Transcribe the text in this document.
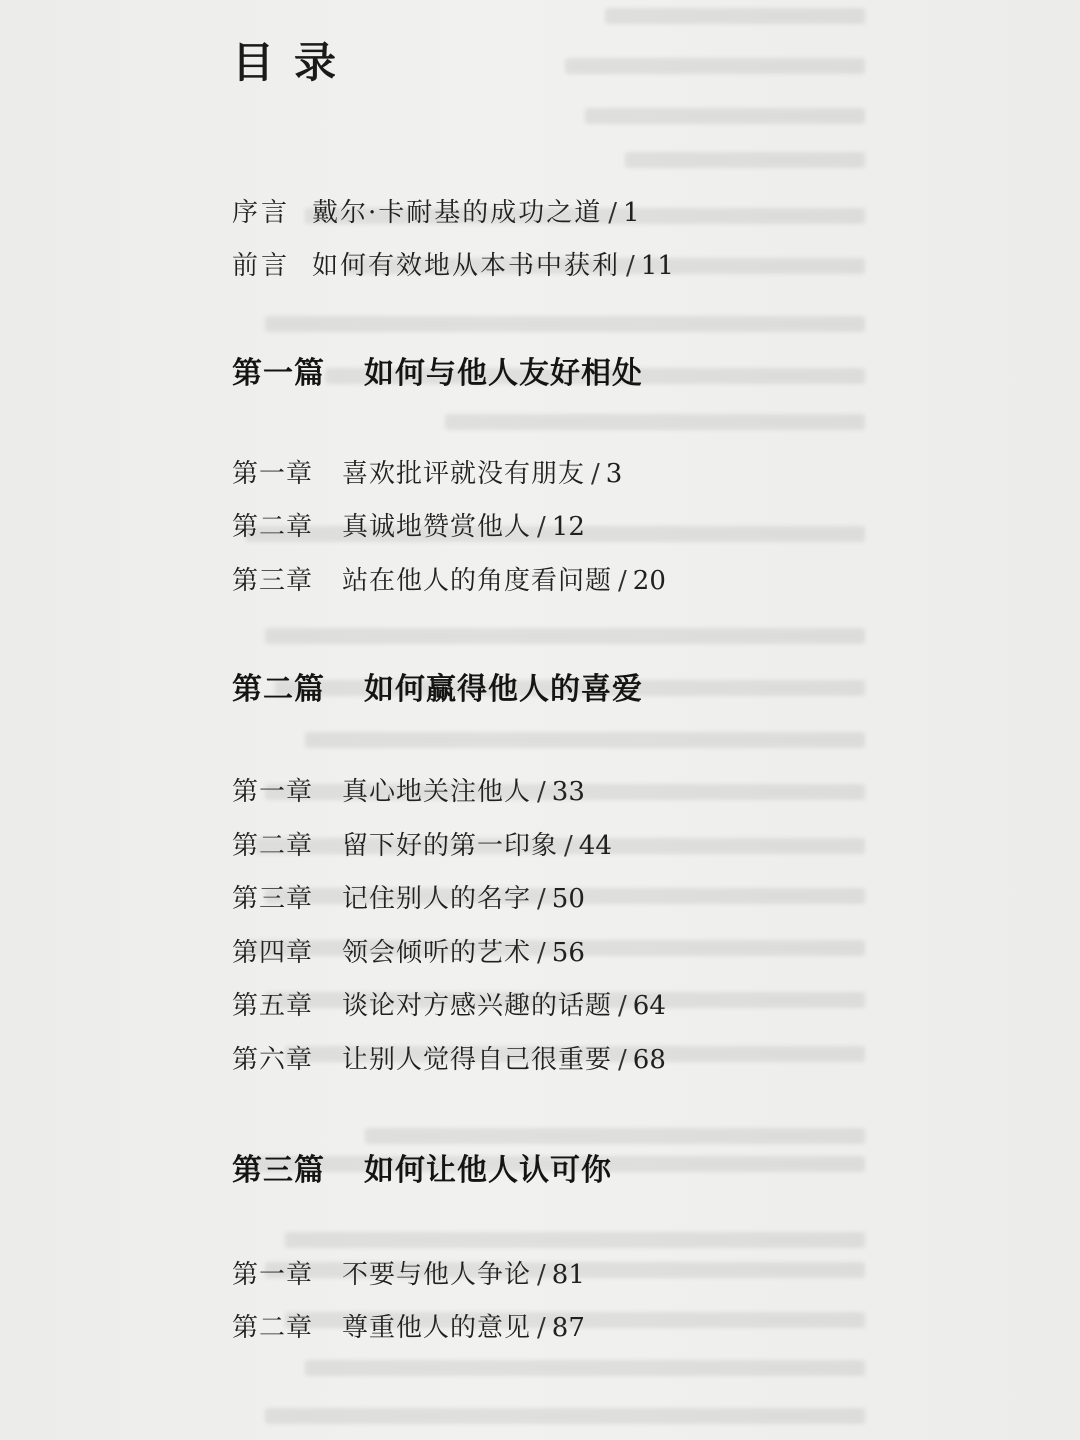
目录
序言 戴尔·卡耐基的成功之道 / 1
前言 如何有效地从本书中获利 / 11
第一篇 如何与他人友好相处
第一章 喜欢批评就没有朋友 / 3
第二章 真诚地赞赏他人 / 12
第三章 站在他人的角度看问题 / 20
第二篇 如何赢得他人的喜爱
第一章 真心地关注他人 / 33
第二章 留下好的第一印象 / 44
第三章 记住别人的名字 / 50
第四章 领会倾听的艺术 / 56
第五章 谈论对方感兴趣的话题 / 64
第六章 让别人觉得自己很重要 / 68
第三篇 如何让他人认可你
第一章 不要与他人争论 / 81
第二章 尊重他人的意见 / 87
